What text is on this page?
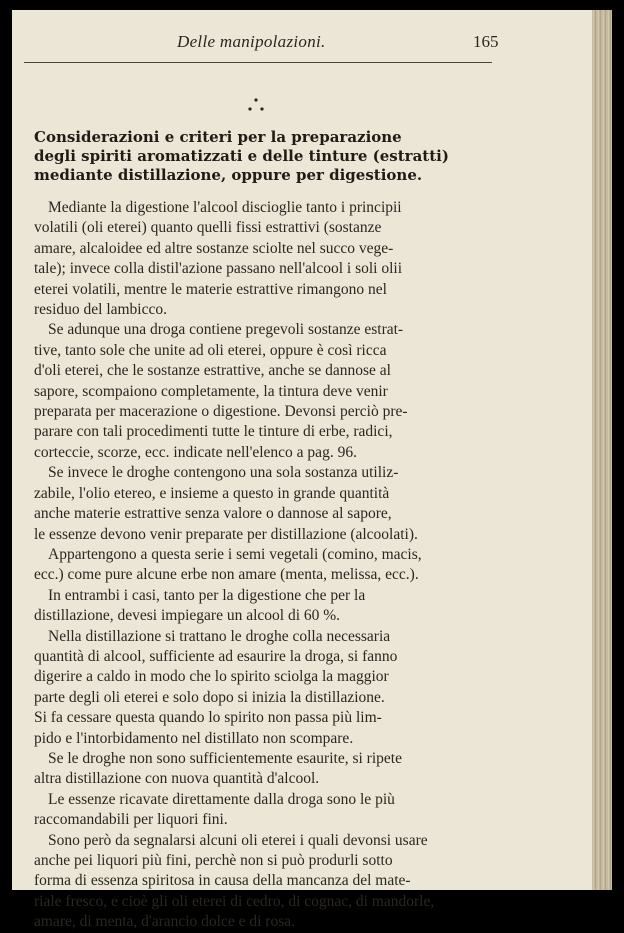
Delle manipolazioni.	165
Considerazioni e criteri per la preparazione
degli spiriti aromatizzati e delle tinture (estratti)
mediante distillazione, oppure per digestione.
Mediante la digestione l'alcool discioglie tanto i principii
volatili (oli eterei) quanto quelli fissi estrattivi (sostanze
amare, alcaloidee ed altre sostanze sciolte nel succo vege-
tale); invece colla distil'azione passano nell'alcool i soli olii
eterei volatili, mentre le materie estrattive rimangono nel
residuo del lambicco.
Se adunque una droga contiene pregevoli sostanze estrat-
tive, tanto sole che unite ad oli eterei, oppure è così ricca
d'oli eterei, che le sostanze estrattive, anche se dannose al
sapore, scompaiono completamente, la tintura deve venir
preparata per macerazione o digestione. Devonsi perciò pre-
parare con tali procedimenti tutte le tinture di erbe, radici,
corteccie, scorze, ecc. indicate nell'elenco a pag. 96.
Se invece le droghe contengono una sola sostanza utiliz-
zabile, l'olio etereo, e insieme a questo in grande quantità
anche materie estrattive senza valore o dannose al sapore,
le essenze devono venir preparate per distillazione (alcoolati).
Appartengono a questa serie i semi vegetali (comino, macis,
ecc.) come pure alcune erbe non amare (menta, melissa, ecc.).
In entrambi i casi, tanto per la digestione che per la
distillazione, devesi impiegare un alcool di 60 %.
Nella distillazione si trattano le droghe colla necessaria
quantità di alcool, sufficiente ad esaurire la droga, si fanno
digerire a caldo in modo che lo spirito sciolga la maggior
parte degli oli eterei e solo dopo si inizia la distillazione.
Si fa cessare questa quando lo spirito non passa più lim-
pido e l'intorbidamento nel distillato non scompare.
Se le droghe non sono sufficientemente esaurite, si ripete
altra distillazione con nuova quantità d'alcool.
Le essenze ricavate direttamente dalla droga sono le più
raccomandabili per liquori fini.
Sono però da segnalarsi alcuni oli eterei i quali devonsi usare
anche pei liquori più fini, perchè non si può produrli sotto
forma di essenza spiritosa in causa della mancanza del mate-
riale fresco, e cioè gli oli eterei di cedro, di cognac, di mandorle,
amare, di menta, d'arancio dolce e di rosa.
